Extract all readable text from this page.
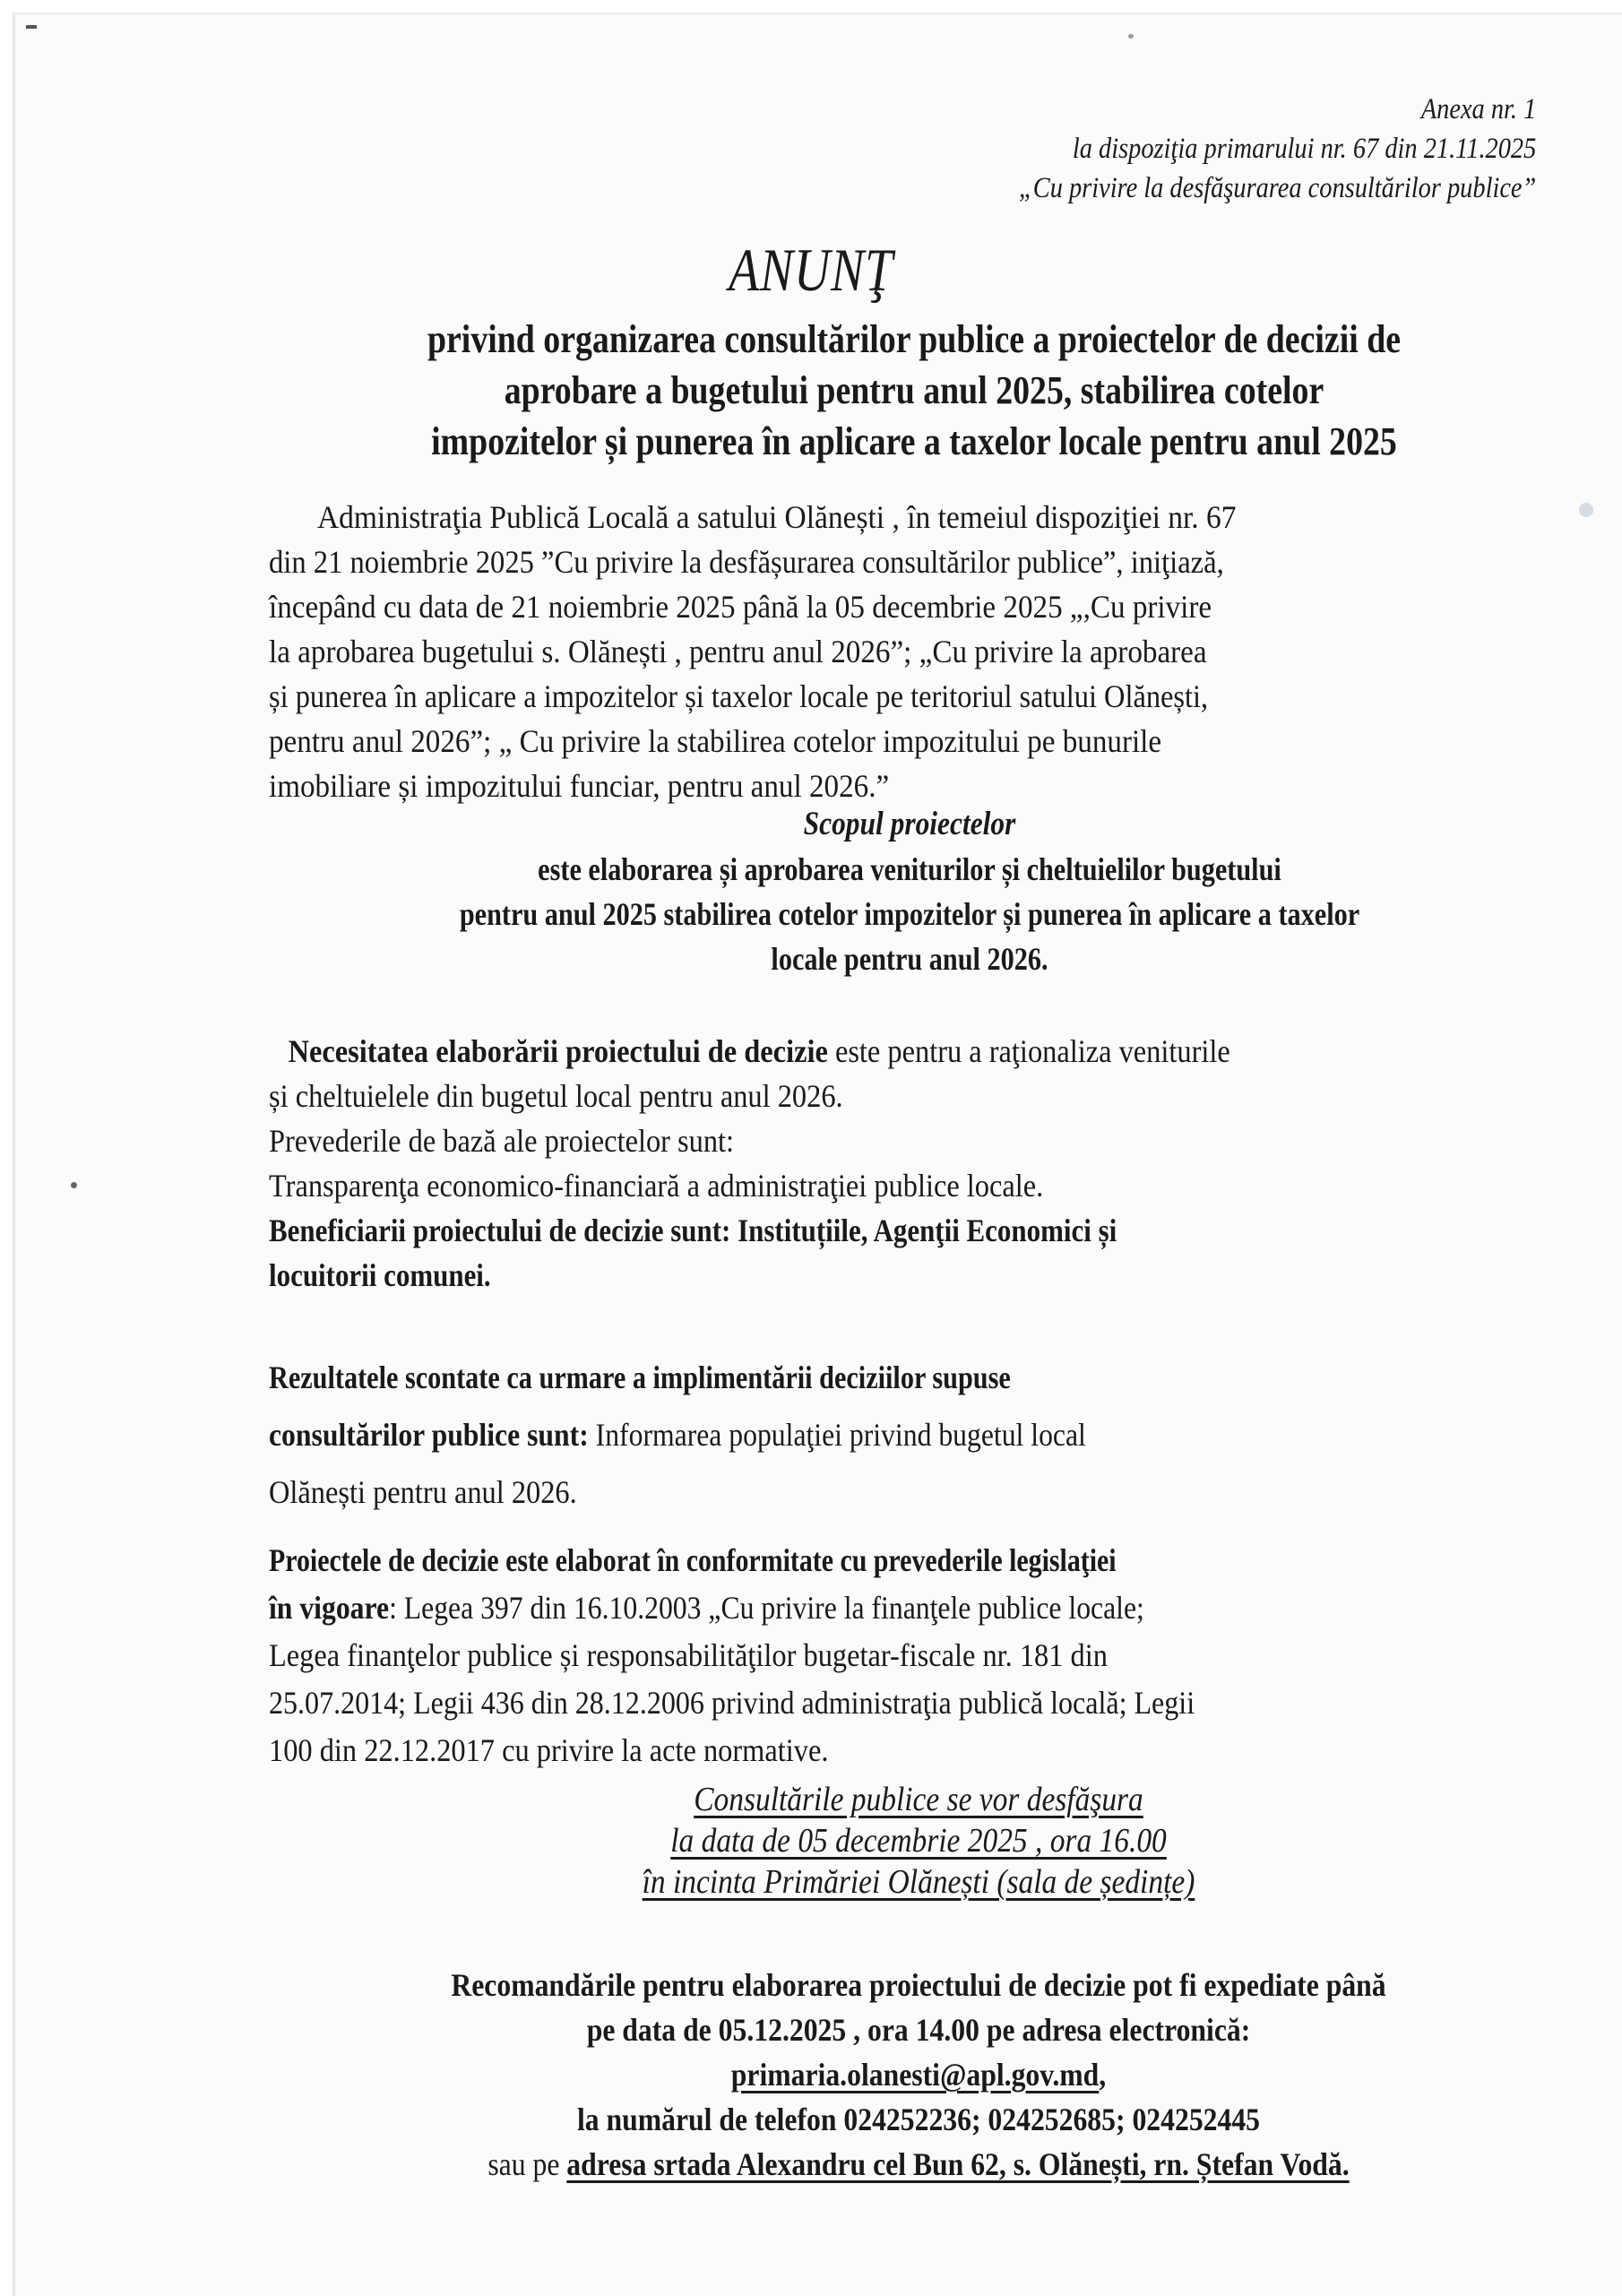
Anexa nr. 1
la dispoziţia primarului nr. 67 din 21.11.2025
„Cu privire la desfăşurarea consultărilor publice”
ANUNŢ
privind organizarea consultărilor publice a proiectelor de decizii de
aprobare a bugetului pentru anul 2025, stabilirea cotelor
impozitelor și punerea în aplicare a taxelor locale pentru anul 2025
Administraţia Publică Locală a satului Olănești , în temeiul dispoziţiei nr. 67
din 21 noiembrie 2025 ”Cu privire la desfășurarea consultărilor publice”, iniţiază,
începând cu data de 21 noiembrie 2025 până la 05 decembrie 2025 „,Cu privire
la aprobarea bugetului s. Olănești , pentru anul 2026”; „Cu privire la aprobarea
și punerea în aplicare a impozitelor și taxelor locale pe teritoriul satului Olănești,
pentru anul 2026”; „ Cu privire la stabilirea cotelor impozitului pe bunurile
imobiliare și impozitului funciar, pentru anul 2026.”
Scopul proiectelor
este elaborarea și aprobarea veniturilor și cheltuielilor bugetului
pentru anul 2025 stabilirea cotelor impozitelor și punerea în aplicare a taxelor
locale pentru anul 2026.
Necesitatea elaborării proiectului de decizie este pentru a raţionaliza veniturile
și cheltuielele din bugetul local pentru anul 2026.
Prevederile de bază ale proiectelor sunt:
Transparenţa economico-financiară a administraţiei publice locale.
Beneficiarii proiectului de decizie sunt: Instituțiile, Agenţii Economici și
locuitorii comunei.
Rezultatele scontate ca urmare a implimentării deciziilor supuse
consultărilor publice sunt: Informarea populaţiei privind bugetul local
Olănești pentru anul 2026.
Proiectele de decizie este elaborat în conformitate cu prevederile legislaţiei
în vigoare: Legea 397 din 16.10.2003 „Cu privire la finanţele publice locale;
Legea finanţelor publice și responsabilităţilor bugetar-fiscale nr. 181 din
25.07.2014; Legii 436 din 28.12.2006 privind administraţia publică locală; Legii
100 din 22.12.2017 cu privire la acte normative.
Consultările publice se vor desfăşura
la data de 05 decembrie 2025 , ora 16.00
în incinta Primăriei Olănești (sala de ședințe)
Recomandările pentru elaborarea proiectului de decizie pot fi expediate până
pe data de 05.12.2025 , ora 14.00 pe adresa electronică:
primaria.olanesti@apl.gov.md,
la numărul de telefon 024252236; 024252685; 024252445
sau pe adresa srtada Alexandru cel Bun 62, s. Olănești, rn. Ștefan Vodă.
